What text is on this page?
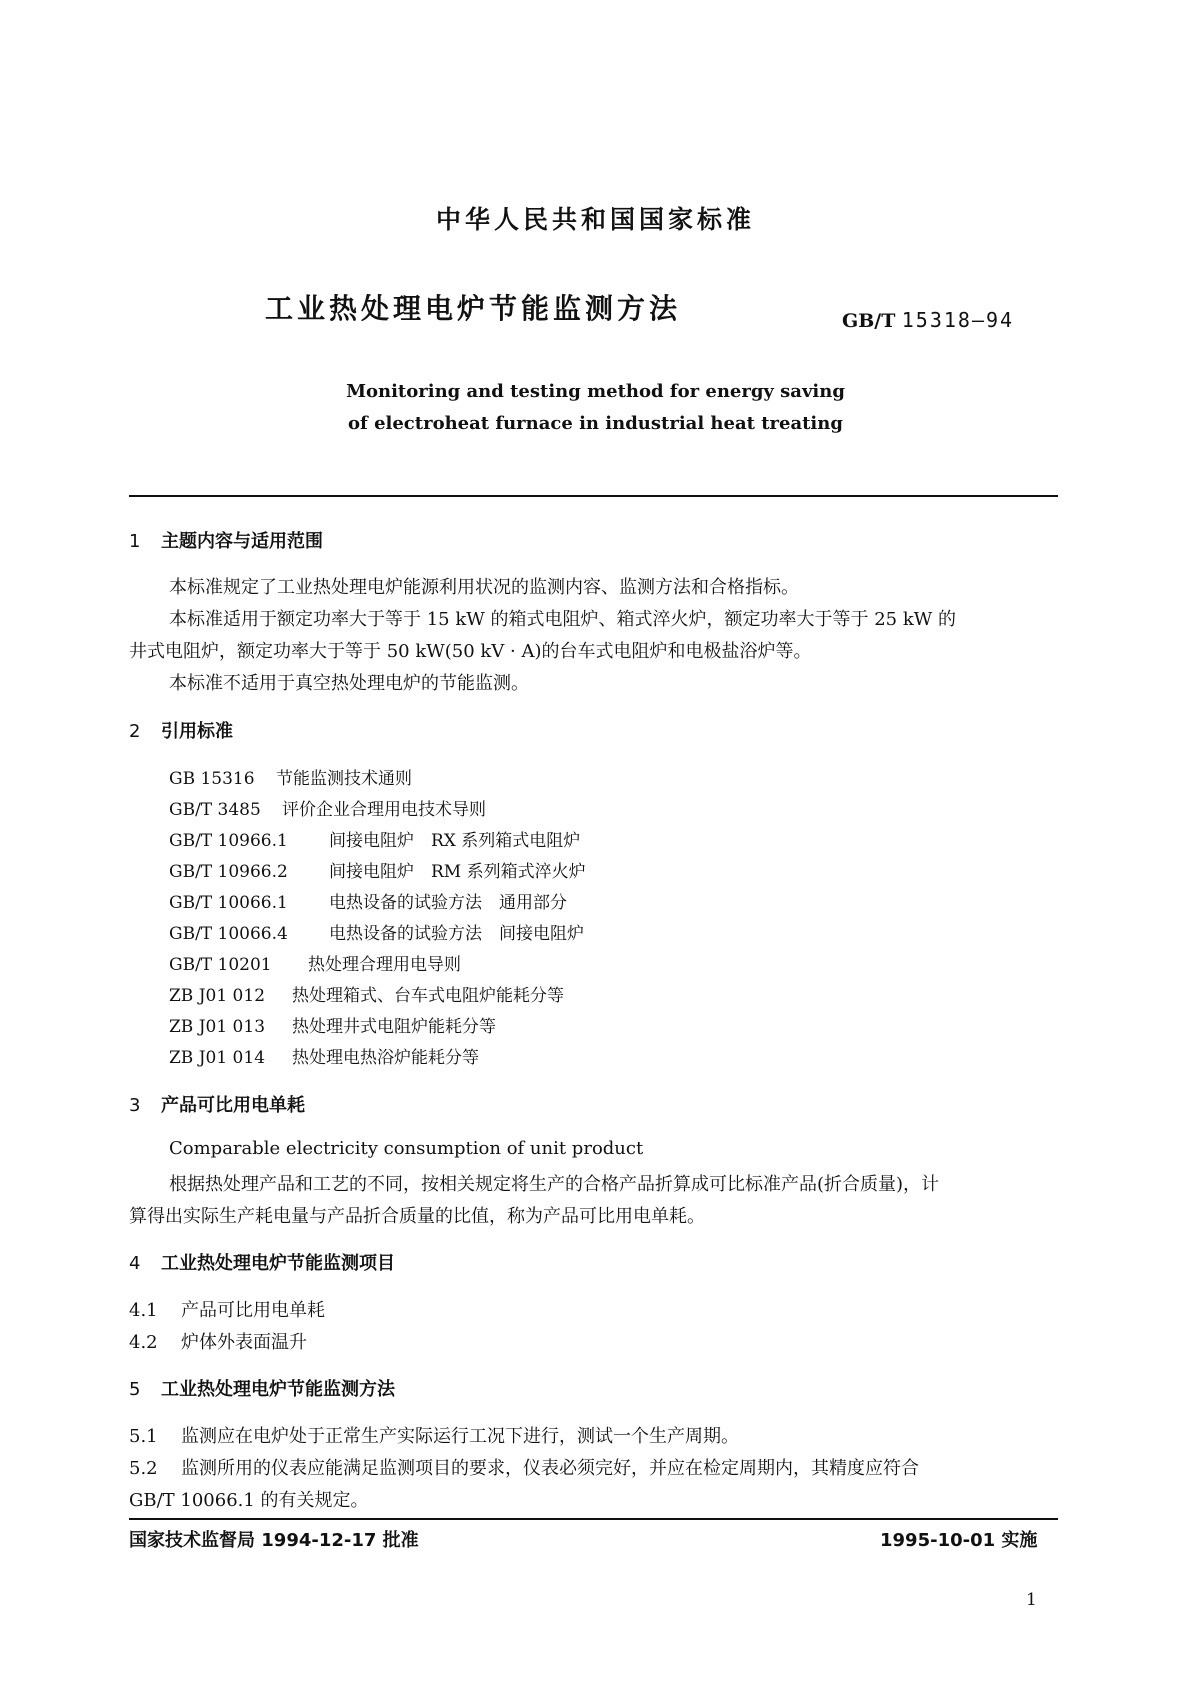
中华人民共和国国家标准
工业热处理电炉节能监测方法	GB/T 15318—94
Monitoring and testing method for energy saving
of electroheat furnace in industrial heat treating
1 主题内容与适用范围
本标准规定了工业热处理电炉能源利用状况的监测内容、监测方法和合格指标。
本标准适用于额定功率大于等于 15 kW 的箱式电阻炉、箱式淬火炉，额定功率大于等于 25 kW 的
井式电阻炉，额定功率大于等于 50 kW(50 kV · A)的台车式电阻炉和电极盐浴炉等。
本标准不适用于真空热处理电炉的节能监测。
2 引用标准
GB 15316 节能监测技术通则
GB/T 3485 评价企业合理用电技术导则
GB/T 10966.1 间接电阻炉　RX 系列箱式电阻炉
GB/T 10966.2 间接电阻炉　RM 系列箱式淬火炉
GB/T 10066.1 电热设备的试验方法　通用部分
GB/T 10066.4 电热设备的试验方法　间接电阻炉
GB/T 10201 热处理合理用电导则
ZB J01 012 热处理箱式、台车式电阻炉能耗分等
ZB J01 013 热处理井式电阻炉能耗分等
ZB J01 014 热处理电热浴炉能耗分等
3 产品可比用电单耗
Comparable electricity consumption of unit product
根据热处理产品和工艺的不同，按相关规定将生产的合格产品折算成可比标准产品(折合质量)，计
算得出实际生产耗电量与产品折合质量的比值，称为产品可比用电单耗。
4 工业热处理电炉节能监测项目
4.1 产品可比用电单耗
4.2 炉体外表面温升
5 工业热处理电炉节能监测方法
5.1 监测应在电炉处于正常生产实际运行工况下进行，测试一个生产周期。
5.2 监测所用的仪表应能满足监测项目的要求，仪表必须完好，并应在检定周期内，其精度应符合
GB/T 10066.1 的有关规定。
国家技术监督局 1994-12-17 批准	1995-10-01 实施
1
